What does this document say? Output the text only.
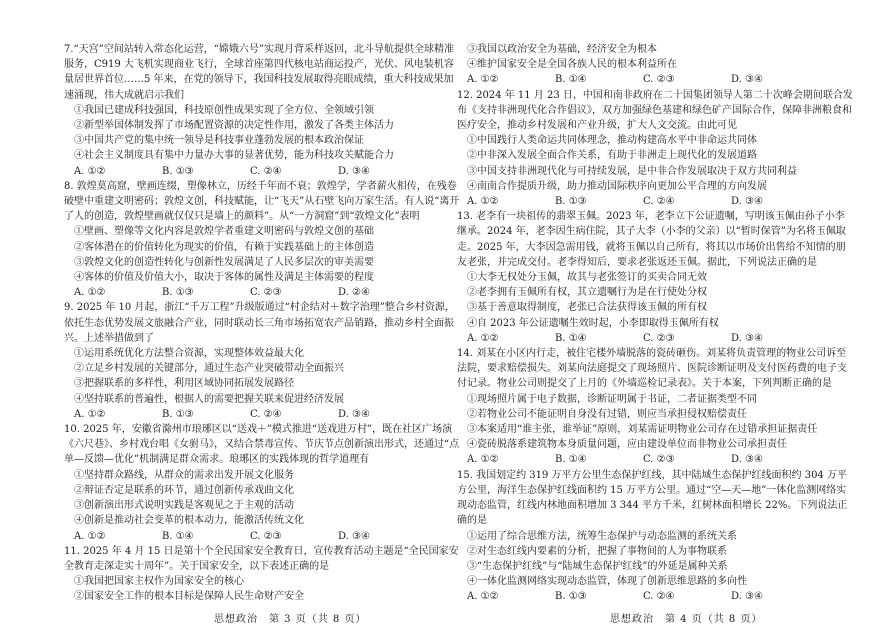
7.“天宫”空间站转入常态化运营，“嫦娥六号”实现月背采样返回，北斗导航提供全球精准服务，C919 大飞机实现商业飞行，全球首座第四代核电站商运投产，光伏、风电装机容量居世界首位……5 年来，在党的领导下，我国科技发展取得亮眼成绩，重大科技成果加速涌现，伟大成就启示我们

①我国已建成科技强国，科技原创性成果实现了全方位、全领域引领

②新型举国体制发挥了市场配置资源的决定性作用，激发了各类主体活力

③中国共产党的集中统一领导是科技事业蓬勃发展的根本政治保证

④社会主义制度具有集中力量办大事的显著优势，能为科技攻关赋能合力

A. ①②	B. ①③	C. ②④	D. ③④

8. 敦煌莫高窟，壁画连缀，塑像林立，历经千年而不衰；敦煌学，学者薪火相传，在残卷破壁中重建文明密码；敦煌文创，科技赋能，让“飞天”从石壁飞向万家生活。有人说“离开了人的创造，敦煌壁画就仅仅只是墙上的颜料”。从“一方洞窟”到“敦煌文化”表明

①壁画、塑像等文化内容是敦煌学者重建文明密码与敦煌文创的基础

②客体潜在的价值转化为现实的价值，有赖于实践基础上的主体创造

③敦煌文化的创造性转化与创新性发展满足了人民多层次的审美需要

④客体的价值及价值大小，取决于客体的属性及满足主体需要的程度

A. ①②	B. ①③	C. ②③	D. ②④

9. 2025 年 10 月起，浙江“千万工程”升级版通过“村企结对＋数字治理”整合乡村资源，依托生态优势发展文旅融合产业，同时联动长三角市场拓宽农产品销路，推动乡村全面振兴。上述举措做到了

①运用系统优化方法整合资源，实现整体效益最大化

②立足乡村发展的关键部分，通过生态产业突破带动全面振兴

③把握联系的多样性，利用区域协同拓展发展路径

④坚持联系的普遍性，根据人的需要把握关联来促进经济发展

A. ①②	B. ①③	C. ②④	D. ③④

10. 2025 年，安徽省滁州市琅琊区以“送戏＋”模式推进“送戏进万村”，既在社区广场演《六尺巷》、乡村戏台唱《女驸马》，又结合禁毒宣传、节庆节点创新演出形式，还通过“点单—反馈—优化”机制满足群众需求。琅琊区的实践体现的哲学道理有

①坚持群众路线，从群众的需求出发开展文化服务

②辩证否定是联系的环节，通过创新传承戏曲文化

③创新演出形式说明实践是客观见之于主观的活动

④创新是推动社会变革的根本动力，能激活传统文化

A. ①②	B. ①④	C. ②③	D. ③④

11. 2025 年 4 月 15 日是第十个全民国家安全教育日，宣传教育活动主题是“全民国家安全教育走深走实十周年”。关于国家安全，以下表述正确的是

①我国把国家主权作为国家安全的核心

②国家安全工作的根本目标是保障人民生命财产安全

③我国以政治安全为基础，经济安全为根本

④维护国家安全是全国各族人民的根本利益所在

A. ①②	B. ①④	C. ②③	D. ③④

12. 2024 年 11 月 23 日，中国和南非政府在二十国集团领导人第二十次峰会期间联合发布《支持非洲现代化合作倡议》，双方加强绿色基建和绿色矿产国际合作，保障非洲粮食和医疗安全，推动乡村发展和产业升级，扩大人文交流。由此可见

①中国践行人类命运共同体理念，推动构建高水平中非命运共同体

②中非深入发展全面合作关系，有助于非洲走上现代化的发展道路

③中国支持非洲现代化与可持续发展，是中非合作发展取决于双方共同利益

④南南合作提质升级，助力推动国际秩序向更加公平合理的方向发展

A. ①②	B. ①③	C. ②④	D. ③④

13. 老李有一块祖传的翡翠玉佩。2023 年，老李立下公证遗嘱，写明该玉佩由孙子小李继承。2024 年，老李因生病住院，其子大李（小李的父亲）以“暂时保管”为名将玉佩取走。2025 年，大李因急需用钱，就将玉佩以自己所有，将其以市场价出售给不知情的朋友老张，并完成交付。老李得知后，要求老张返还玉佩。据此，下列说法正确的是

①大李无权处分玉佩，故其与老张签订的买卖合同无效

②老李拥有玉佩所有权，其立遗嘱行为是在行使处分权

③基于善意取得制度，老张已合法获得该玉佩的所有权

④自 2023 年公证遗嘱生效时起，小李即取得玉佩所有权

A. ①②	B. ①④	C. ②③	D. ③④

14. 刘某在小区内行走，被住宅楼外墙脱落的瓷砖砸伤。刘某将负责管理的物业公司诉至法院，要求赔偿损失。刘某向法庭提交了现场照片、医院诊断证明及支付医药费的电子支付记录。物业公司则提交了上月的《外墙巡检记录表》。关于本案，下列判断正确的是

①现场照片属于电子数据，诊断证明属于书证，二者证据类型不同

②若物业公司不能证明自身没有过错，则应当承担侵权赔偿责任

③本案适用“谁主张，谁举证”原则，刘某需证明物业公司存在过错承担证据责任

④瓷砖脱落系建筑物本身质量问题，应由建设单位而非物业公司承担责任

A. ①②	B. ①④	C. ②③	D. ③④

15. 我国划定约 319 万平方公里生态保护红线，其中陆域生态保护红线面积约 304 万平方公里，海洋生态保护红线面积约 15 万平方公里。通过“空—天—地”一体化监测网络实现动态监管，红线内林地面积增加 3 344 平方千米，红树林面积增长 22%。下列说法正确的是

①运用了综合思维方法，统筹生态保护与动态监测的系统关系

②对生态红线内要素的分析，把握了事物间的人为事物联系

③“生态保护红线”与“陆域生态保护红线”的外延是属种关系

④一体化监测网络实现动态监管，体现了创新思维思路的多向性

A. ①②	B. ①③	C. ②④	D. ③④
思想政治　第 3 页（共 8 页）	思想政治　第 4 页（共 8 页）
